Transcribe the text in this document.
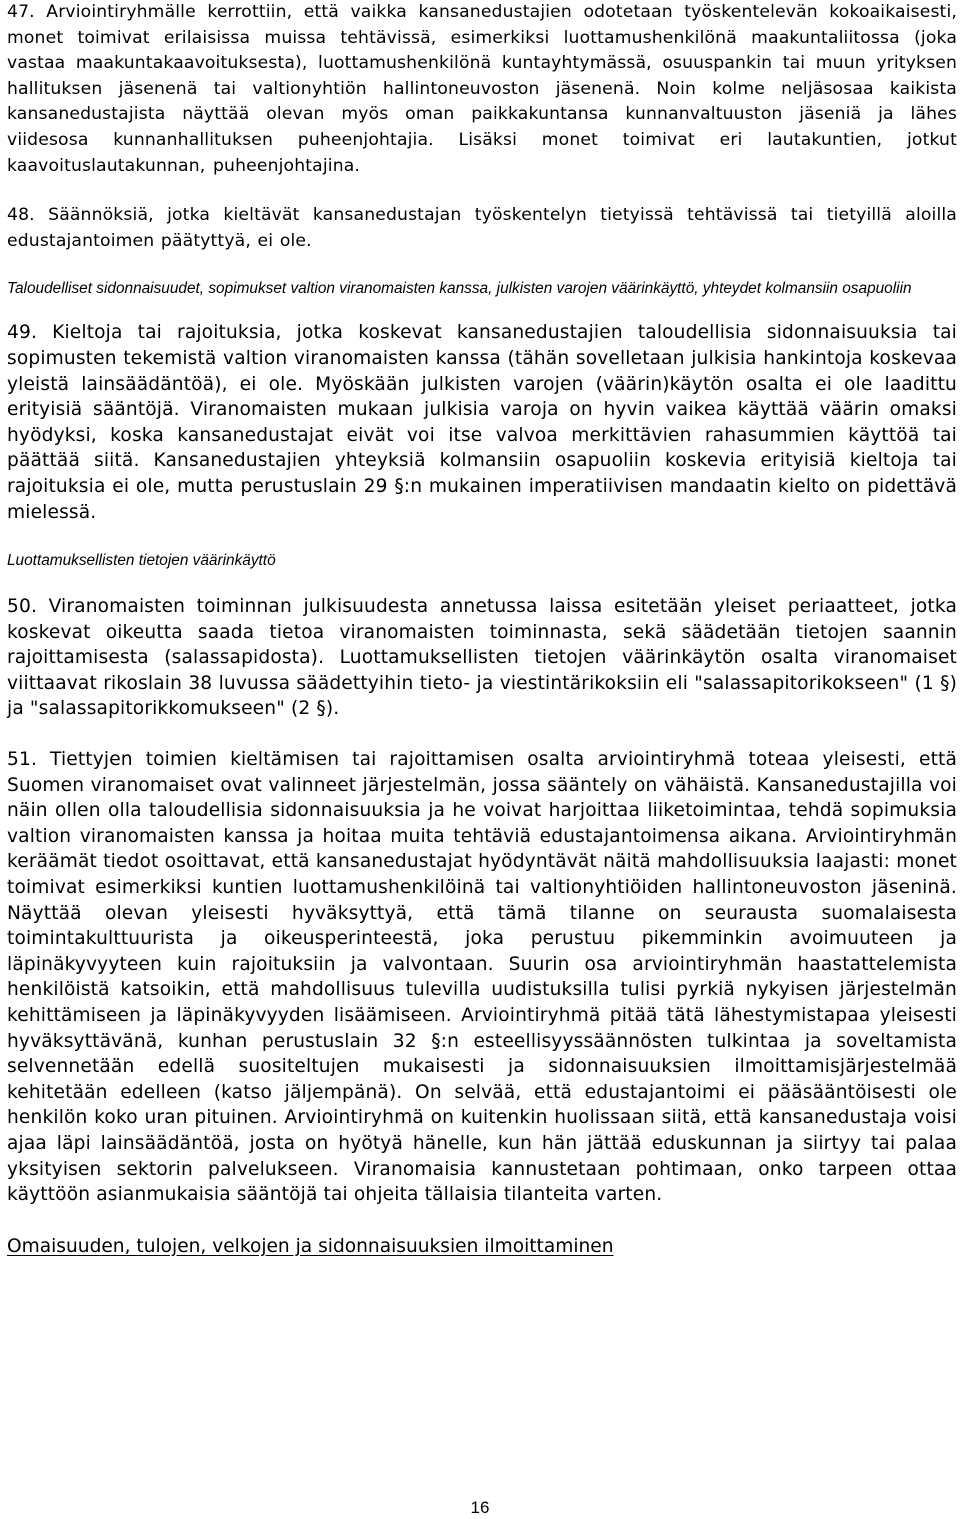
47. Arviointiryhmälle kerrottiin, että vaikka kansanedustajien odotetaan työskentelevän kokoaikaisesti, monet toimivat erilaisissa muissa tehtävissä, esimerkiksi luottamushenkilönä maakuntaliitossa (joka vastaa maakuntakaavoituksesta), luottamushenkilönä kuntayhtymässä, osuuspankin tai muun yrityksen hallituksen jäsenenä tai valtionyhtiön hallintoneuvoston jäsenenä. Noin kolme neljäsosaa kaikista kansanedustajista näyttää olevan myös oman paikkakuntansa kunnanvaltuuston jäseniä ja lähes viidesosa kunnanhallituksen puheenjohtajia. Lisäksi monet toimivat eri lautakuntien, jotkut kaavoituslautakunnan, puheenjohtajina.

48. Säännöksiä, jotka kieltävät kansanedustajan työskentelyn tietyissä tehtävissä tai tietyillä aloilla edustajantoimen päätyttyä, ei ole.

Taloudelliset sidonnaisuudet, sopimukset valtion viranomaisten kanssa, julkisten varojen väärinkäyttö, yhteydet kolmansiin osapuoliin

49. Kieltoja tai rajoituksia, jotka koskevat kansanedustajien taloudellisia sidonnaisuuksia tai sopimusten tekemistä valtion viranomaisten kanssa (tähän sovelletaan julkisia hankintoja koskevaa yleistä lainsäädäntöä), ei ole. Myöskään julkisten varojen (väärin)käytön osalta ei ole laadittu erityisiä sääntöjä. Viranomaisten mukaan julkisia varoja on hyvin vaikea käyttää väärin omaksi hyödyksi, koska kansanedustajat eivät voi itse valvoa merkittävien rahasummien käyttöä tai päättää siitä. Kansanedustajien yhteyksiä kolmansiin osapuoliin koskevia erityisiä kieltoja tai rajoituksia ei ole, mutta perustuslain 29 §:n mukainen imperatiivisen mandaatin kielto on pidettävä mielessä.

Luottamuksellisten tietojen väärinkäyttö

50. Viranomaisten toiminnan julkisuudesta annetussa laissa esitetään yleiset periaatteet, jotka koskevat oikeutta saada tietoa viranomaisten toiminnasta, sekä säädetään tietojen saannin rajoittamisesta (salassapidosta). Luottamuksellisten tietojen väärinkäytön osalta viranomaiset viittaavat rikoslain 38 luvussa säädettyihin tieto- ja viestintärikoksiin eli "salassapitorikokseen" (1 §) ja "salassapitorikkomukseen" (2 §).

51. Tiettyjen toimien kieltämisen tai rajoittamisen osalta arviointiryhmä toteaa yleisesti, että Suomen viranomaiset ovat valinneet järjestelmän, jossa sääntely on vähäistä. Kansanedustajilla voi näin ollen olla taloudellisia sidonnaisuuksia ja he voivat harjoittaa liiketoimintaa, tehdä sopimuksia valtion viranomaisten kanssa ja hoitaa muita tehtäviä edustajantoimensa aikana. Arviointiryhmän keräämät tiedot osoittavat, että kansanedustajat hyödyntävät näitä mahdollisuuksia laajasti: monet toimivat esimerkiksi kuntien luottamushenkilöinä tai valtionyhtiöiden hallintoneuvoston jäseninä. Näyttää olevan yleisesti hyväksyttyä, että tämä tilanne on seurausta suomalaisesta toimintakulttuurista ja oikeusperinteestä, joka perustuu pikemminkin avoimuuteen ja läpinäkyvyyteen kuin rajoituksiin ja valvontaan. Suurin osa arviointiryhmän haastattelemista henkilöistä katsoikin, että mahdollisuus tulevilla uudistuksilla tulisi pyrkiä nykyisen järjestelmän kehittämiseen ja läpinäkyvyyden lisäämiseen. Arviointiryhmä pitää tätä lähestymistapaa yleisesti hyväksyttävänä, kunhan perustuslain 32 §:n esteellisyyssäännösten tulkintaa ja soveltamista selvennetään edellä suositeltujen mukaisesti ja sidonnaisuuksien ilmoittamisjärjestelmää kehitetään edelleen (katso jäljempänä). On selvää, että edustajantoimi ei pääsääntöisesti ole henkilön koko uran pituinen. Arviointiryhmä on kuitenkin huolissaan siitä, että kansanedustaja voisi ajaa läpi lainsäädäntöä, josta on hyötyä hänelle, kun hän jättää eduskunnan ja siirtyy tai palaa yksityisen sektorin palvelukseen. Viranomaisia kannustetaan pohtimaan, onko tarpeen ottaa käyttöön asianmukaisia sääntöjä tai ohjeita tällaisia tilanteita varten.

Omaisuuden, tulojen, velkojen ja sidonnaisuuksien ilmoittaminen

16
